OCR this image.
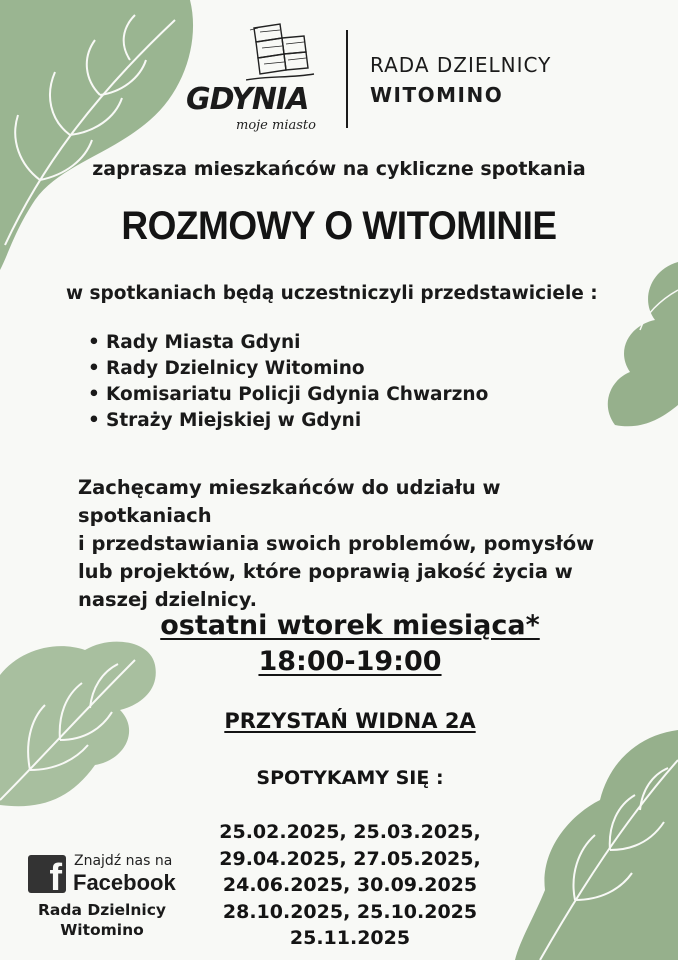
GDYNIA
moje miasto
RADA DZIELNICY
WITOMINO
zaprasza mieszkańców na cykliczne spotkania
ROZMOWY O WITOMINIE
w spotkaniach będą uczestniczyli przedstawiciele :
• Rady Miasta Gdyni
• Rady Dzielnicy Witomino
• Komisariatu Policji Gdynia Chwarzno
• Straży Miejskiej w Gdyni
Zachęcamy mieszkańców do udziału w spotkaniach
i przedstawiania swoich problemów, pomysłów
lub projektów, które poprawią jakość życia w
naszej dzielnicy.
ostatni wtorek miesiąca*
18:00-19:00
PRZYSTAŃ WIDNA 2A
SPOTYKAMY SIĘ :
25.02.2025, 25.03.2025,
29.04.2025, 27.05.2025,
24.06.2025, 30.09.2025
28.10.2025, 25.10.2025
25.11.2025
f Znajdź nas na
Facebook
Rada Dzielnicy
Witomino
